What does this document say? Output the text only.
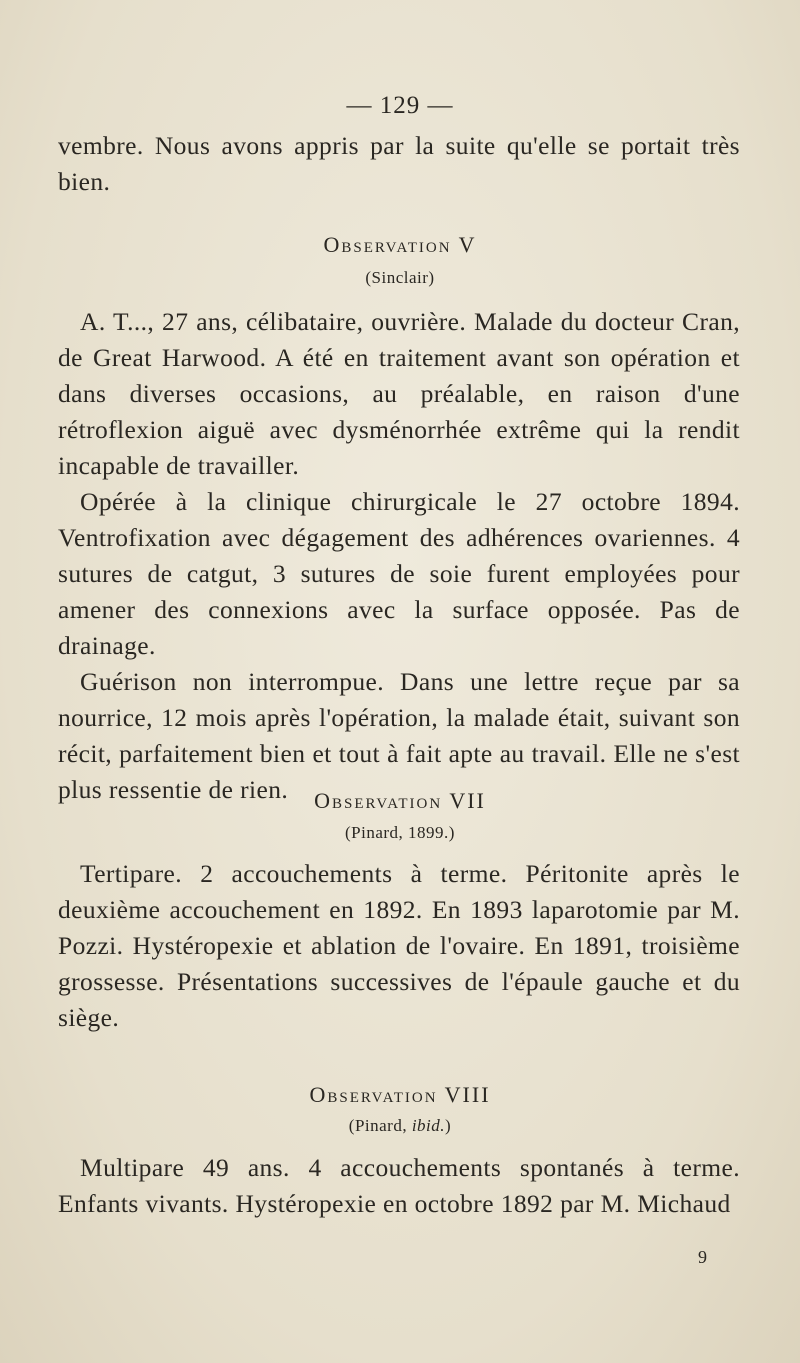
— 129 —

vembre. Nous avons appris par la suite qu'elle se portait très bien.

Observation V
(Sinclair)

A. T..., 27 ans, célibataire, ouvrière. Malade du docteur Cran, de Great Harwood. A été en traitement avant son opération et dans diverses occasions, au préalable, en raison d'une rétroflexion aiguë avec dysménorrhée extrême qui la rendit incapable de travailler.

Opérée à la clinique chirurgicale le 27 octobre 1894. Ventrofixation avec dégagement des adhérences ovariennes. 4 sutures de catgut, 3 sutures de soie furent employées pour amener des connexions avec la surface opposée. Pas de drainage.

Guérison non interrompue. Dans une lettre reçue par sa nourrice, 12 mois après l'opération, la malade était, suivant son récit, parfaitement bien et tout à fait apte au travail. Elle ne s'est plus ressentie de rien.	Observation VII
(Pinard, 1899.)

Tertipare. 2 accouchements à terme. Péritonite après le deuxième accouchement en 1892. En 1893 laparotomie par M. Pozzi. Hystéropexie et ablation de l'ovaire. En 1891, troisième grossesse. Présentations successives de l'épaule gauche et du siège.

Observation VIII
(Pinard, ibid.)

Multipare 49 ans. 4 accouchements spontanés à terme. Enfants vivants. Hystéropexie en octobre 1892 par M. Michaud

9
